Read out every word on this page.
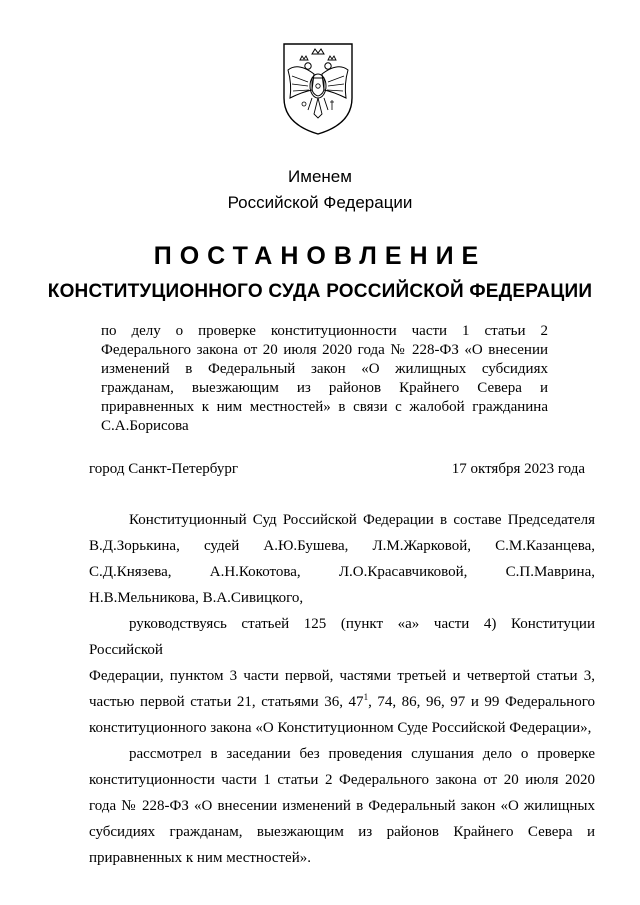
Именем
Российской Федерации
ПОСТАНОВЛЕНИЕ
КОНСТИТУЦИОННОГО СУДА РОССИЙСКОЙ ФЕДЕРАЦИИ
по делу о проверке конституционности части 1 статьи 2 Федерального закона от 20 июля 2020 года № 228-ФЗ «О внесении изменений в Федеральный закон «О жилищных субсидиях гражданам, выезжающим из районов Крайнего Севера и приравненных к ним местностей» в связи с жалобой гражданина С.А.Борисова
город Санкт-Петербург	17 октября 2023 года

Конституционный Суд Российской Федерации в составе Председателя

В.Д.Зорькина, судей А.Ю.Бушева, Л.М.Жарковой, С.М.Казанцева,

С.Д.Князева, А.Н.Кокотова, Л.О.Красавчиковой, С.П.Маврина,

Н.В.Мельникова, В.А.Сивицкого,

руководствуясь статьей 125 (пункт «а» части 4) Конституции Российской

Федерации, пунктом 3 части первой, частями третьей и четвертой статьи 3,

частью первой статьи 21, статьями 36, $47^1$, 74, 86, 96, 97 и 99 Федерального

конституционного закона «О Конституционном Суде Российской Федерации»,

рассмотрел в заседании без проведения слушания дело о проверке

конституционности части 1 статьи 2 Федерального закона от 20 июля 2020

года № 228-ФЗ «О внесении изменений в Федеральный закон «О жилищных

субсидиях гражданам, выезжающим из районов Крайнего Севера и

приравненных к ним местностей».
